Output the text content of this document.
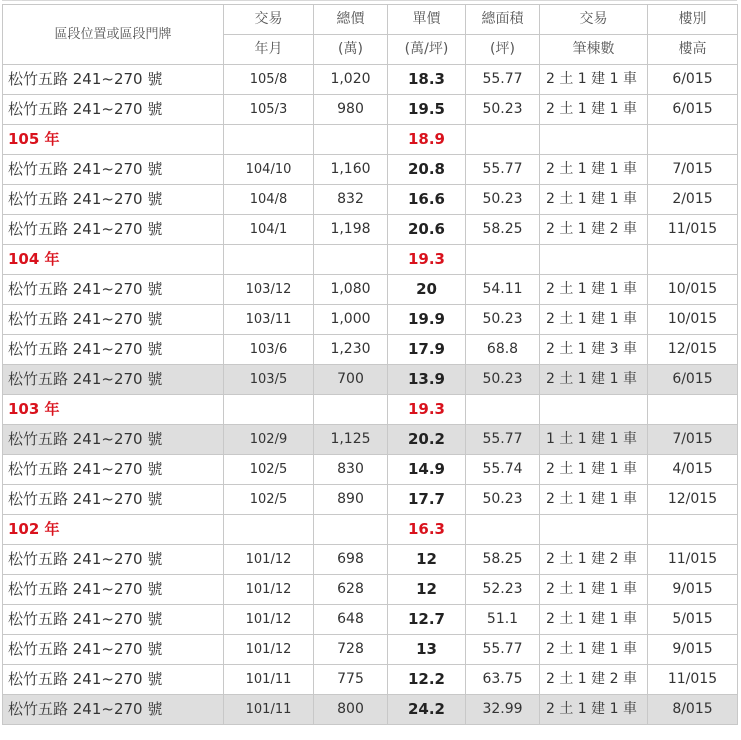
區段位置或區段門牌	交易	總價	單價	總面積	交易	樓別
	年月	(萬)	(萬/坪)	(坪)	筆棟數	樓高
松竹五路 241~270 號	105/8	1,020	18.3	55.77	2 土 1 建 1 車	6/015
松竹五路 241~270 號	105/3	980	19.5	50.23	2 土 1 建 1 車	6/015
105 年			18.9			
松竹五路 241~270 號	104/10	1,160	20.8	55.77	2 土 1 建 1 車	7/015
松竹五路 241~270 號	104/8	832	16.6	50.23	2 土 1 建 1 車	2/015
松竹五路 241~270 號	104/1	1,198	20.6	58.25	2 土 1 建 2 車	11/015
104 年			19.3			
松竹五路 241~270 號	103/12	1,080	20	54.11	2 土 1 建 1 車	10/015
松竹五路 241~270 號	103/11	1,000	19.9	50.23	2 土 1 建 1 車	10/015
松竹五路 241~270 號	103/6	1,230	17.9	68.8	2 土 1 建 3 車	12/015
松竹五路 241~270 號	103/5	700	13.9	50.23	2 土 1 建 1 車	6/015
103 年			19.3			
松竹五路 241~270 號	102/9	1,125	20.2	55.77	1 土 1 建 1 車	7/015
松竹五路 241~270 號	102/5	830	14.9	55.74	2 土 1 建 1 車	4/015
松竹五路 241~270 號	102/5	890	17.7	50.23	2 土 1 建 1 車	12/015
102 年			16.3			
松竹五路 241~270 號	101/12	698	12	58.25	2 土 1 建 2 車	11/015
松竹五路 241~270 號	101/12	628	12	52.23	2 土 1 建 1 車	9/015
松竹五路 241~270 號	101/12	648	12.7	51.1	2 土 1 建 1 車	5/015
松竹五路 241~270 號	101/12	728	13	55.77	2 土 1 建 1 車	9/015
松竹五路 241~270 號	101/11	775	12.2	63.75	2 土 1 建 2 車	11/015
松竹五路 241~270 號	101/11	800	24.2	32.99	2 土 1 建 1 車	8/015
